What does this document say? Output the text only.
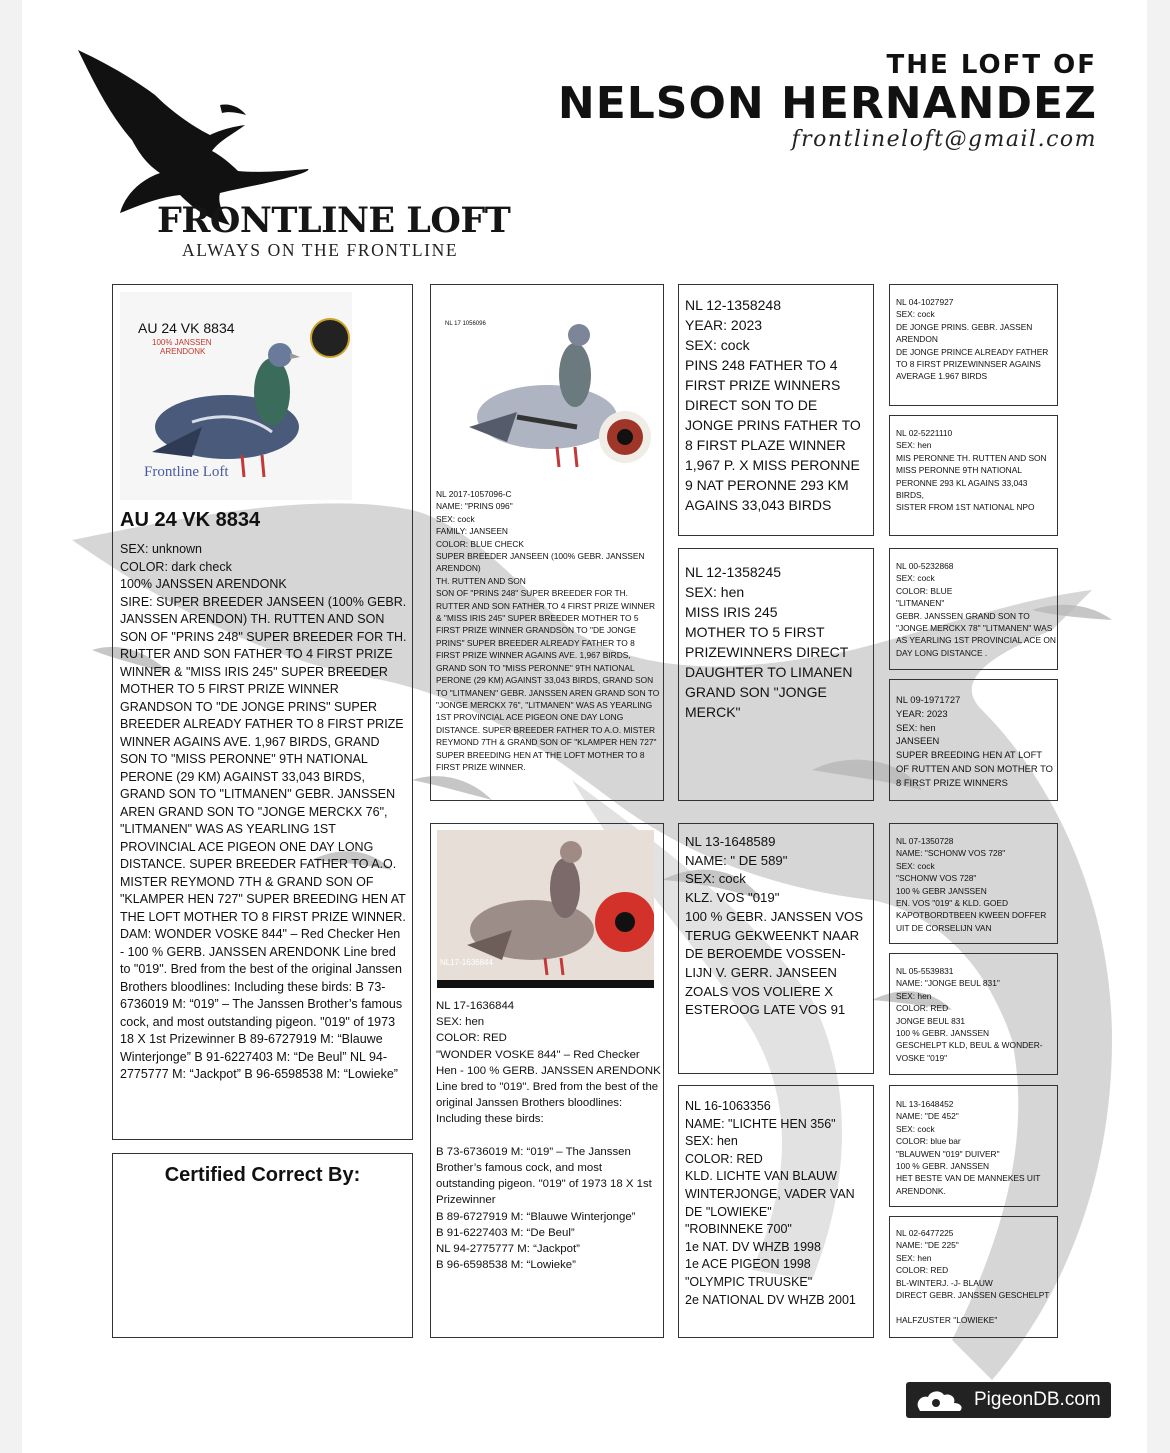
FRONTLINE LOFT
ALWAYS ON THE FRONTLINE
THE LOFT OF
NELSON HERNANDEZ
frontlineloft@gmail.com
AU 24 VK 8834
100% JANSSEN
ARENDONK
Frontline Loft
AU 24 VK 8834
SEX: unknown
COLOR: dark check
100% JANSSEN ARENDONK
SIRE: SUPER BREEDER JANSEEN (100% GEBR. JANSSEN ARENDON) TH. RUTTEN AND SON SON OF "PRINS 248" SUPER BREEDER FOR TH. RUTTER AND SON FATHER TO 4 FIRST PRIZE WINNER & "MISS IRIS 245" SUPER BREEDER MOTHER TO 5 FIRST PRIZE WINNER GRANDSON TO "DE JONGE PRINS" SUPER BREEDER ALREADY FATHER TO 8 FIRST PRIZE WINNER AGAINS AVE. 1,967 BIRDS, GRAND SON TO "MISS PERONNE" 9TH NATIONAL PERONE (29 KM) AGAINST 33,043 BIRDS, GRAND SON TO "LITMANEN" GEBR. JANSSEN AREN GRAND SON TO "JONGE MERCKX 76", "LITMANEN" WAS AS YEARLING 1ST PROVINCIAL ACE PIGEON ONE DAY LONG DISTANCE. SUPER BREEDER FATHER TO A.O. MISTER REYMOND 7TH & GRAND SON OF "KLAMPER HEN 727" SUPER BREEDING HEN AT THE LOFT MOTHER TO 8 FIRST PRIZE WINNER.
DAM: WONDER VOSKE 844" – Red Checker Hen - 100 % GERB. JANSSEN ARENDONK Line bred to "019". Bred from the best of the original Janssen Brothers bloodlines: Including these birds: B 73-6736019 M: “019” – The Janssen Brother’s famous cock, and most outstanding pigeon. "019" of 1973 18 X 1st Prizewinner B 89-6727919 M: “Blauwe Winterjonge” B 91-6227403 M: “De Beul” NL 94-2775777 M: “Jackpot” B 96-6598538 M: “Lowieke”
Certified Correct By:
NL 17 1056096
NL 2017-1057096-C
NAME: "PRINS 096"
SEX: cock
FAMILY: JANSEEN
COLOR: BLUE CHECK
SUPER BREEDER JANSEEN (100% GEBR. JANSSEN ARENDON)
TH. RUTTEN AND SON
SON OF "PRINS 248" SUPER BREEDER FOR TH. RUTTER AND SON FATHER TO 4 FIRST PRIZE WINNER & "MISS IRIS 245" SUPER BREEDER MOTHER TO 5 FIRST PRIZE WINNER GRANDSON TO "DE JONGE PRINS" SUPER BREEDER ALREADY FATHER TO 8 FIRST PRIZE WINNER AGAINS AVE. 1,967 BIRDS, GRAND SON TO "MISS PERONNE" 9TH NATIONAL PERONE (29 KM) AGAINST 33,043 BIRDS, GRAND SON TO "LITMANEN" GEBR. JANSSEN AREN GRAND SON TO "JONGE MERCKX 76", "LITMANEN" WAS AS YEARLING 1ST PROVINCIAL ACE PIGEON ONE DAY LONG DISTANCE. SUPER BREEDER FATHER TO A.O. MISTER REYMOND 7TH & GRAND SON OF "KLAMPER HEN 727" SUPER BREEDING HEN AT THE LOFT MOTHER TO 8 FIRST PRIZE WINNER.
NL17-1636844
NL 17-1636844
SEX: hen
COLOR: RED
"WONDER VOSKE 844" – Red Checker Hen - 100 % GERB. JANSSEN ARENDONK
Line bred to "019". Bred from the best of the original Janssen Brothers bloodlines: Including these birds:

B 73-6736019 M: “019” – The Janssen Brother’s famous cock, and most outstanding pigeon. "019" of 1973 18 X 1st Prizewinner
B 89-6727919 M: “Blauwe Winterjonge”
B 91-6227403 M: “De Beul”
NL 94-2775777 M: “Jackpot”
B 96-6598538 M: “Lowieke”
NL 12-1358248
YEAR: 2023
SEX: cock
PINS 248 FATHER TO 4 FIRST PRIZE WINNERS DIRECT SON TO DE JONGE PRINS FATHER TO 8 FIRST PLAZE WINNER 1,967 P. X MISS PERONNE 9 NAT PERONNE 293 KM AGAINS 33,043 BIRDS
NL 12-1358245
SEX: hen
MISS IRIS 245
MOTHER TO 5 FIRST PRIZEWINNERS DIRECT DAUGHTER TO LIMANEN GRAND SON "JONGE MERCK"
NL 13-1648589
NAME: " DE 589"
SEX: cock
KLZ. VOS "019"
100 % GEBR. JANSSEN VOS
TERUG GEKWEENKT NAAR DE BEROEMDE VOSSEN-LIJN V. GERR. JANSEEN ZOALS VOS VOLIERE X ESTEROOG LATE VOS 91
NL 16-1063356
NAME: "LICHTE HEN 356"
SEX: hen
COLOR: RED
KLD. LICHTE VAN BLAUW WINTERJONGE, VADER VAN DE "LOWIEKE"
"ROBINNEKE 700"
1e NAT. DV WHZB 1998
1e ACE PIGEON 1998
"OLYMPIC TRUUSKE"
2e NATIONAL DV WHZB 2001
NL 04-1027927
SEX: cock
DE JONGE PRINS. GEBR. JASSEN ARENDON
DE JONGE PRINCE ALREADY FATHER TO 8 FIRST PRIZEWINNSER AGAINS AVERAGE 1.967 BIRDS
NL 02-5221110
SEX: hen
MIS PERONNE TH. RUTTEN AND SON
MISS PERONNE 9TH NATIONAL PERONNE 293 KL AGAINS 33,043 BIRDS,
SISTER FROM 1ST NATIONAL NPO
NL 00-5232868
SEX: cock
COLOR: BLUE
"LITMANEN"
GEBR. JANSSEN GRAND SON TO "JONGE MERCKX 78" "LITMANEN" WAS AS YEARLING 1ST PROVINCIAL ACE ON DAY LONG DISTANCE .
NL 09-1971727
YEAR: 2023
SEX: hen
JANSEEN
SUPER BREEDING HEN AT LOFT OF RUTTEN AND SON MOTHER TO 8 FIRST PRIZE WINNERS
NL 07-1350728
NAME: "SCHONW VOS 728"
SEX: cock
"SCHONW VOS 728"
100 % GEBR JANSSEN
EN. VOS "019" & KLD. GOED KAPOTBORDTBEEN KWEEN DOFFER UIT DE CORSELIJN VAN
NL 05-5539831
NAME: "JONGE BEUL 831"
SEX: hen
COLOR: RED
JONGE BEUL 831
100 % GEBR. JANSSEN
GESCHELPT KLD, BEUL & WONDER-VOSKE "019"
NL 13-1648452
NAME: "DE 452"
SEX: cock
COLOR: blue bar
"BLAUWEN "019" DUIVER"
100 % GEBR. JANSSEN
HET BESTE VAN DE MANNEKES UIT ARENDONK.
NL 02-6477225
NAME: "DE 225"
SEX: hen
COLOR: RED
BL-WINTERJ. -J- BLAUW
DIRECT GEBR. JANSSEN GESCHELPT

HALFZUSTER "LOWIEKE"
PigeonDB.com
